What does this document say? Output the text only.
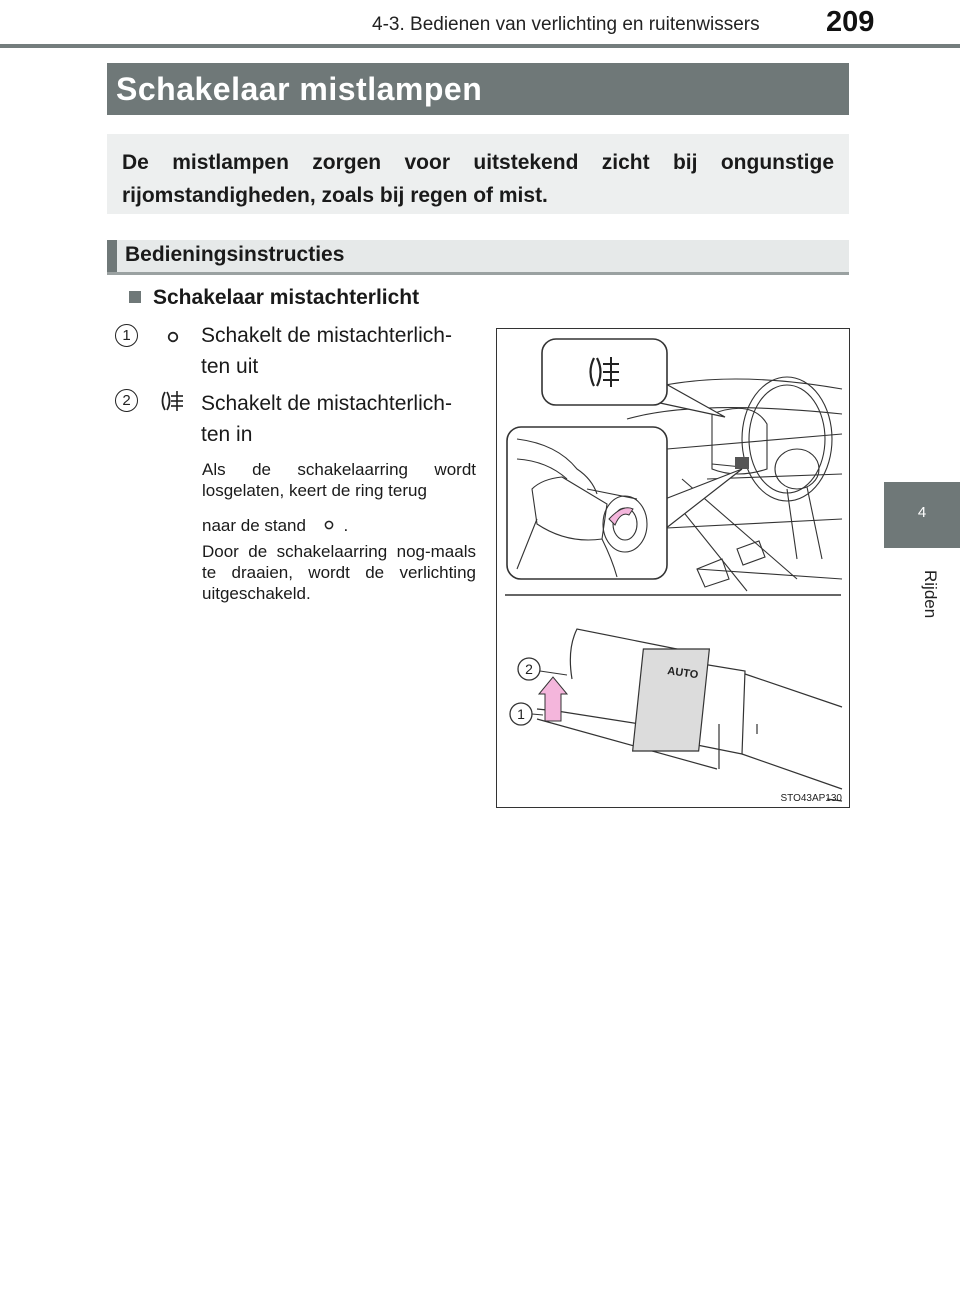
4-3. Bedienen van verlichting en ruitenwissers 209
4
Rijden
Schakelaar mistlampen
De mistlampen zorgen voor uitstekend zicht bij ongunstige rijomstandigheden, zoals bij regen of mist.
Bedieningsinstructies
Schakelaar mistachterlicht
1	Schakelt de mistachterlich-
ten uit
2	Schakelt de mistachterlich-
ten in
Als de schakelaarring wordt losgelaten, keert de ring terug
naar de stand .
Door de schakelaarring nog-maals te draaien, wordt de verlichting uitgeschakeld.
AUTO
2
1
STO43AP130
